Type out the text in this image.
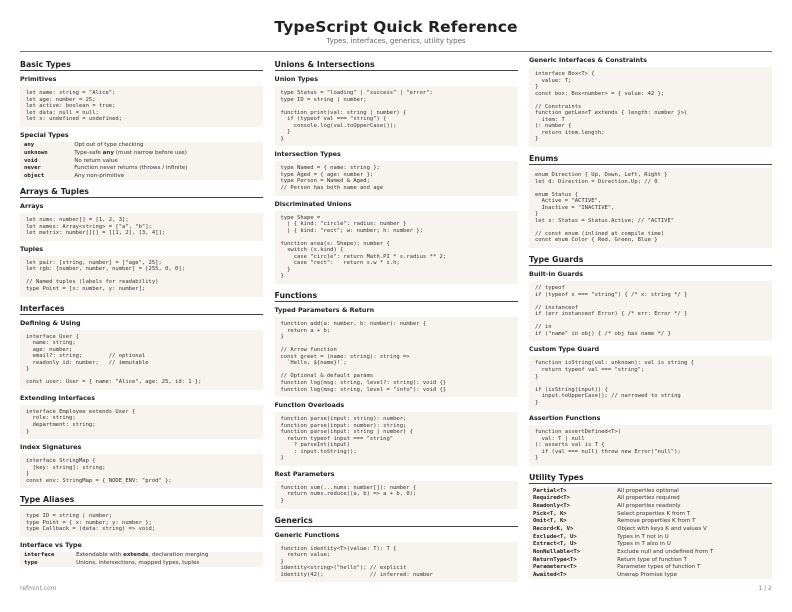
TypeScript Quick Reference
Types, interfaces, generics, utility types
Basic Types
Primitives
let name: string = "Alice";
let age: number = 25;
let active: boolean = true;
let data: null = null;
let x: undefined = undefined;
Special Types
any	Opt out of type checking
unknown	Type-safe any (must narrow before use)
void	No return value
never	Function never returns (throws / infinite)
object	Any non-primitive
Arrays & Tuples
Arrays
let nums: number[] = [1, 2, 3];
let names: Array<string> = ["a", "b"];
let matrix: number[][] = [[1, 2], [3, 4]];
Tuples
let pair: [string, number] = ["age", 25];
let rgb: [number, number, number] = [255, 0, 0];

// Named tuples (labels for readability)
type Point = [x: number, y: number];
Interfaces
Defining & Using
interface User {
name: string;
age: number;
email?: string;        // optional
readonly id: number;   // immutable
}

const user: User = { name: "Alice", age: 25, id: 1 };
Extending Interfaces
interface Employee extends User {
role: string;
department: string;
}
Index Signatures
interface StringMap {
[key: string]: string;
}
const env: StringMap = { NODE_ENV: "prod" };
Type Aliases
type ID = string | number;
type Point = { x: number; y: number };
type Callback = (data: string) => void;
Interface vs Type
interface	Extendable with extends, declaration merging
type	Unions, intersections, mapped types, tuples
Unions & Intersections
Union Types
type Status = "loading" | "success" | "error";
type ID = string | number;

function print(val: string | number) {
if (typeof val === "string") {
console.log(val.toUpperCase());
}
}
Intersection Types
type Named = { name: string };
type Aged = { age: number };
type Person = Named & Aged;
// Person has both name and age
Discriminated Unions
type Shape =
| { kind: "circle"; radius: number }
| { kind: "rect"; w: number; h: number };

function area(s: Shape): number {
switch (s.kind) {
case "circle": return Math.PI * s.radius ** 2;
case "rect":   return s.w * s.h;
}
}
Functions
Typed Parameters & Return
function add(a: number, b: number): number {
return a + b;
}

// Arrow function
const greet = (name: string): string =>
`Hello, ${name}!`;

// Optional & default params
function log(msg: string, level?: string): void {}
function log(msg: string, level = "info"): void {}
Function Overloads
function parse(input: string): number;
function parse(input: number): string;
function parse(input: string | number) {
return typeof input === "string"
? parseInt(input)
: input.toString();
}
Rest Parameters
function sum(...nums: number[]): number {
return nums.reduce((a, b) => a + b, 0);
}
Generics
Generic Functions
function identity<T>(value: T): T {
return value;
}
identity<string>("hello"); // explicit
identity(42);              // inferred: number
Generic Interfaces & Constraints
interface Box<T> {
value: T;
}
const box: Box<number> = { value: 42 };

// Constraints
function getLen<T extends { length: number }>(
item: T
): number {
return item.length;
}
Enums
enum Direction { Up, Down, Left, Right }
let d: Direction = Direction.Up; // 0

enum Status {
Active = "ACTIVE",
Inactive = "INACTIVE",
}
let s: Status = Status.Active; // "ACTIVE"

// const enum (inlined at compile time)
const enum Color { Red, Green, Blue }
Type Guards
Built-in Guards
// typeof
if (typeof x === "string") { /* x: string */ }

// instanceof
if (err instanceof Error) { /* err: Error */ }

// in
if ("name" in obj) { /* obj has name */ }
Custom Type Guard
function isString(val: unknown): val is string {
return typeof val === "string";
}

if (isString(input)) {
input.toUpperCase(); // narrowed to string
}
Assertion Functions
function assertDefined<T>(
val: T | null
): asserts val is T {
if (val === null) throw new Error("null");
}
Utility Types
Partial<T>	All properties optional
Required<T>	All properties required
Readonly<T>	All properties readonly
Pick<T, K>	Select properties K from T
Omit<T, K>	Remove properties K from T
Record<K, V>	Object with keys K and values V
Exclude<T, U>	Types in T not in U
Extract<T, U>	Types in T also in U
NonNullable<T>	Exclude null and undefined from T
ReturnType<T>	Return type of function T
Parameters<T>	Parameter types of function T
Awaited<T>	Unwrap Promise type
refmint.com	1 / 2
